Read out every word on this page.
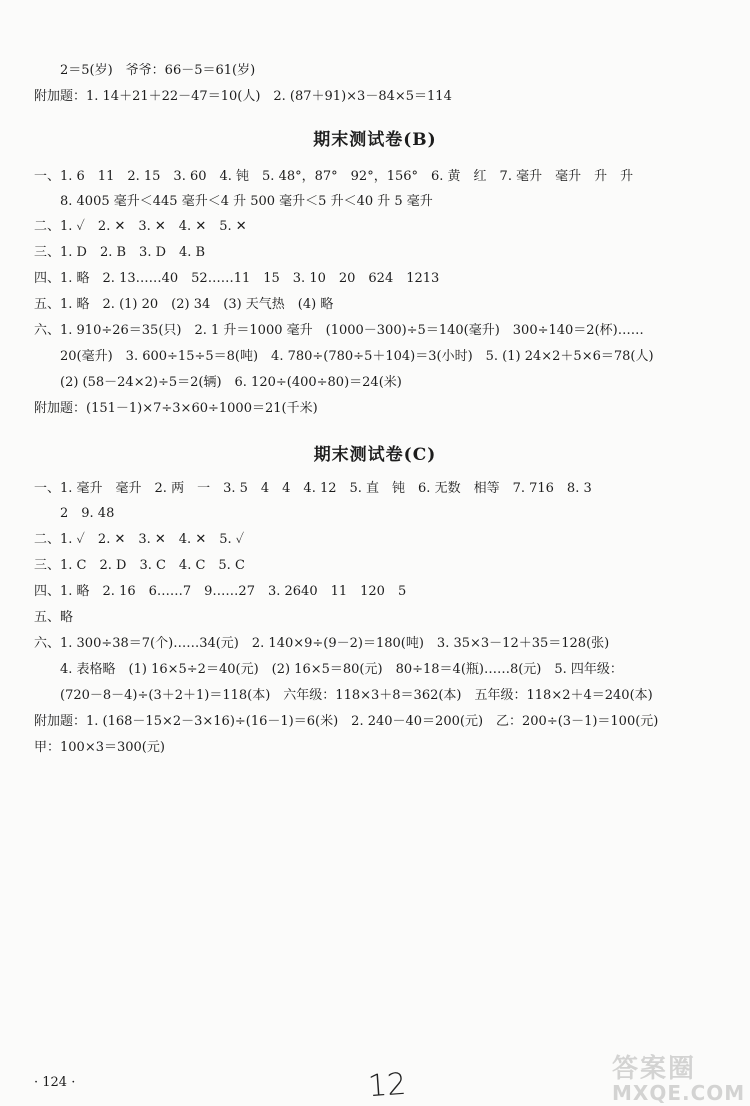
2＝5(岁)　爷爷：66－5＝61(岁)
附加题：1. 14＋21＋22－47＝10(人)　2. (87＋91)×3－84×5＝114
期末测试卷(B)
一、1. 6　11　2. 15　3. 60　4. 钝　5. 48°，87°　92°，156°　6. 黄　红　7. 毫升　毫升　升　升
8. 4005 毫升＜445 毫升＜4 升 500 毫升＜5 升＜40 升 5 毫升
二、1. ✓　2. ✕　3. ✕　4. ✕　5. ✕
三、1. D　2. B　3. D　4. B
四、1. 略　2. 13……40　52……11　15　3. 10　20　624　1213
五、1. 略　2. (1) 20　(2) 34　(3) 天气热　(4) 略
六、1. 910÷26＝35(只)　2. 1 升＝1000 毫升　(1000－300)÷5＝140(毫升)　300÷140＝2(杯)……
20(毫升)　3. 600÷15÷5＝8(吨)　4. 780÷(780÷5＋104)＝3(小时)　5. (1) 24×2＋5×6＝78(人)
(2) (58－24×2)÷5＝2(辆)　6. 120÷(400÷80)＝24(米)
附加题：(151－1)×7÷3×60÷1000＝21(千米)
期末测试卷(C)
一、1. 毫升　毫升　2. 两　一　3. 5　4　4　4. 12　5. 直　钝　6. 无数　相等　7. 716　8. 3
2　9. 48
二、1. ✓　2. ✕　3. ✕　4. ✕　5. ✓
三、1. C　2. D　3. C　4. C　5. C
四、1. 略　2. 16　6……7　9……27　3. 2640　11　120　5
五、略
六、1. 300÷38＝7(个)……34(元)　2. 140×9÷(9－2)＝180(吨)　3. 35×3－12＋35＝128(张)
4. 表格略　(1) 16×5÷2＝40(元)　(2) 16×5＝80(元)　80÷18＝4(瓶)……8(元)　5. 四年级：
(720－8－4)÷(3＋2＋1)＝118(本)　六年级：118×3＋8＝362(本)　五年级：118×2＋4＝240(本)
附加题：1. (168－15×2－3×16)÷(16－1)＝6(米)　2. 240－40＝200(元)　乙：200÷(3－1)＝100(元)
甲：100×3＝300(元)
· 124 ·	12	答案圈
MXQE.COM
